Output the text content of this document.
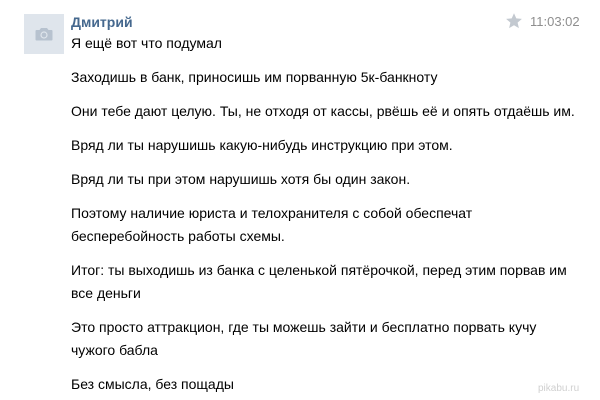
Дмитрий	11:03:02

Я ещё вот что подумал

Заходишь в банк, приносишь им порванную 5к-банкноту

Они тебе дают целую. Ты, не отходя от кассы, рвёшь её и опять отдаёшь им.

Вряд ли ты нарушишь какую-нибудь инструкцию при этом.

Вряд ли ты при этом нарушишь хотя бы один закон.

Поэтому наличие юриста и телохранителя с собой обеспечат бесперебойность работы схемы.

Итог: ты выходишь из банка с целенькой пятёрочкой, перед этим порвав им все деньги

Это просто аттракцион, где ты можешь зайти и бесплатно порвать кучу чужого бабла

Без смысла, без пощады	pikabu.ru
